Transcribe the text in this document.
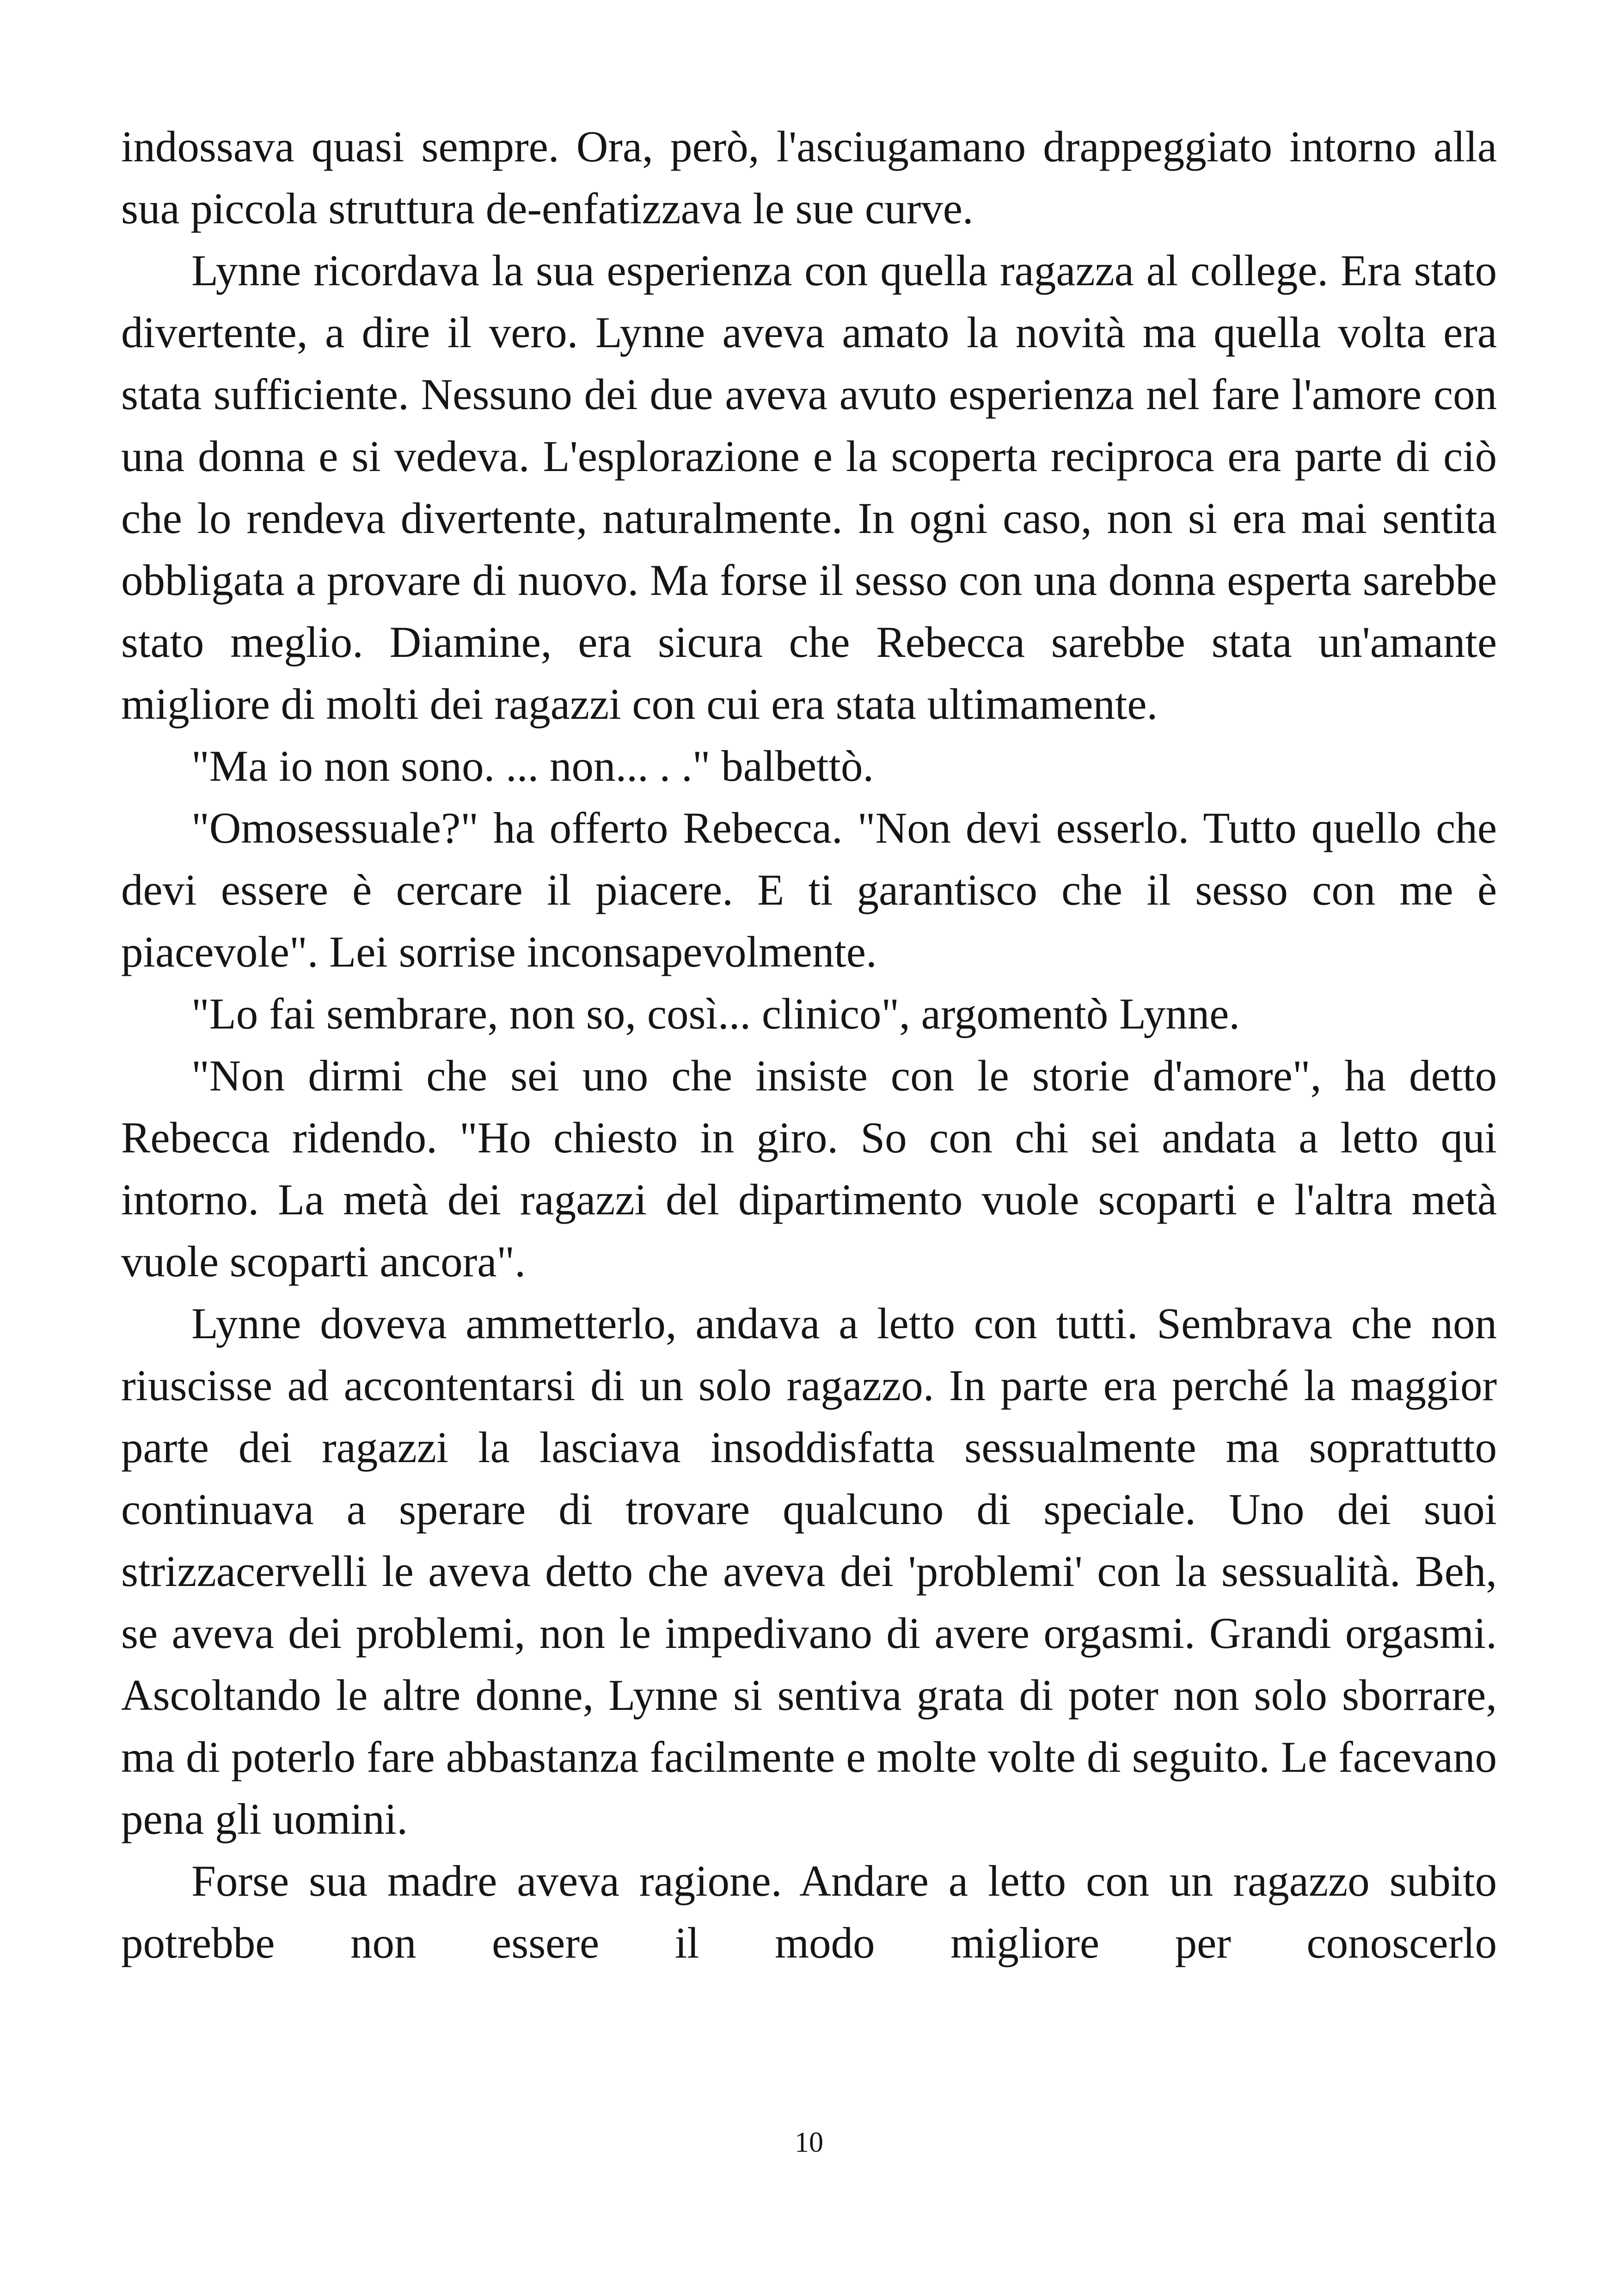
indossava quasi sempre. Ora, però, l'asciugamano drappeggiato intorno alla sua piccola struttura de-enfatizzava le sue curve.

Lynne ricordava la sua esperienza con quella ragazza al college. Era stato divertente, a dire il vero. Lynne aveva amato la novità ma quella volta era stata sufficiente. Nessuno dei due aveva avuto esperienza nel fare l'amore con una donna e si vedeva. L'esplorazione e la scoperta reciproca era parte di ciò che lo rendeva divertente, naturalmente. In ogni caso, non si era mai sentita obbligata a provare di nuovo. Ma forse il sesso con una donna esperta sarebbe stato meglio. Diamine, era sicura che Rebecca sarebbe stata un'amante migliore di molti dei ragazzi con cui era stata ultimamente.

"Ma io non sono. ... non... . ." balbettò.

"Omosessuale?" ha offerto Rebecca. "Non devi esserlo. Tutto quello che devi essere è cercare il piacere. E ti garantisco che il sesso con me è piacevole". Lei sorrise inconsapevolmente.

"Lo fai sembrare, non so, così... clinico", argomentò Lynne.

"Non dirmi che sei uno che insiste con le storie d'amore", ha detto Rebecca ridendo. "Ho chiesto in giro. So con chi sei andata a letto qui intorno. La metà dei ragazzi del dipartimento vuole scoparti e l'altra metà vuole scoparti ancora".

Lynne doveva ammetterlo, andava a letto con tutti. Sembrava che non riuscisse ad accontentarsi di un solo ragazzo. In parte era perché la maggior parte dei ragazzi la lasciava insoddisfatta sessualmente ma soprattutto continuava a sperare di trovare qualcuno di speciale. Uno dei suoi strizzacervelli le aveva detto che aveva dei 'problemi' con la sessualità. Beh, se aveva dei problemi, non le impedivano di avere orgasmi. Grandi orgasmi. Ascoltando le altre donne, Lynne si sentiva grata di poter non solo sborrare, ma di poterlo fare abbastanza facilmente e molte volte di seguito. Le facevano pena gli uomini.

Forse sua madre aveva ragione. Andare a letto con un ragazzo subito potrebbe non essere il modo migliore per conoscerlo

10
